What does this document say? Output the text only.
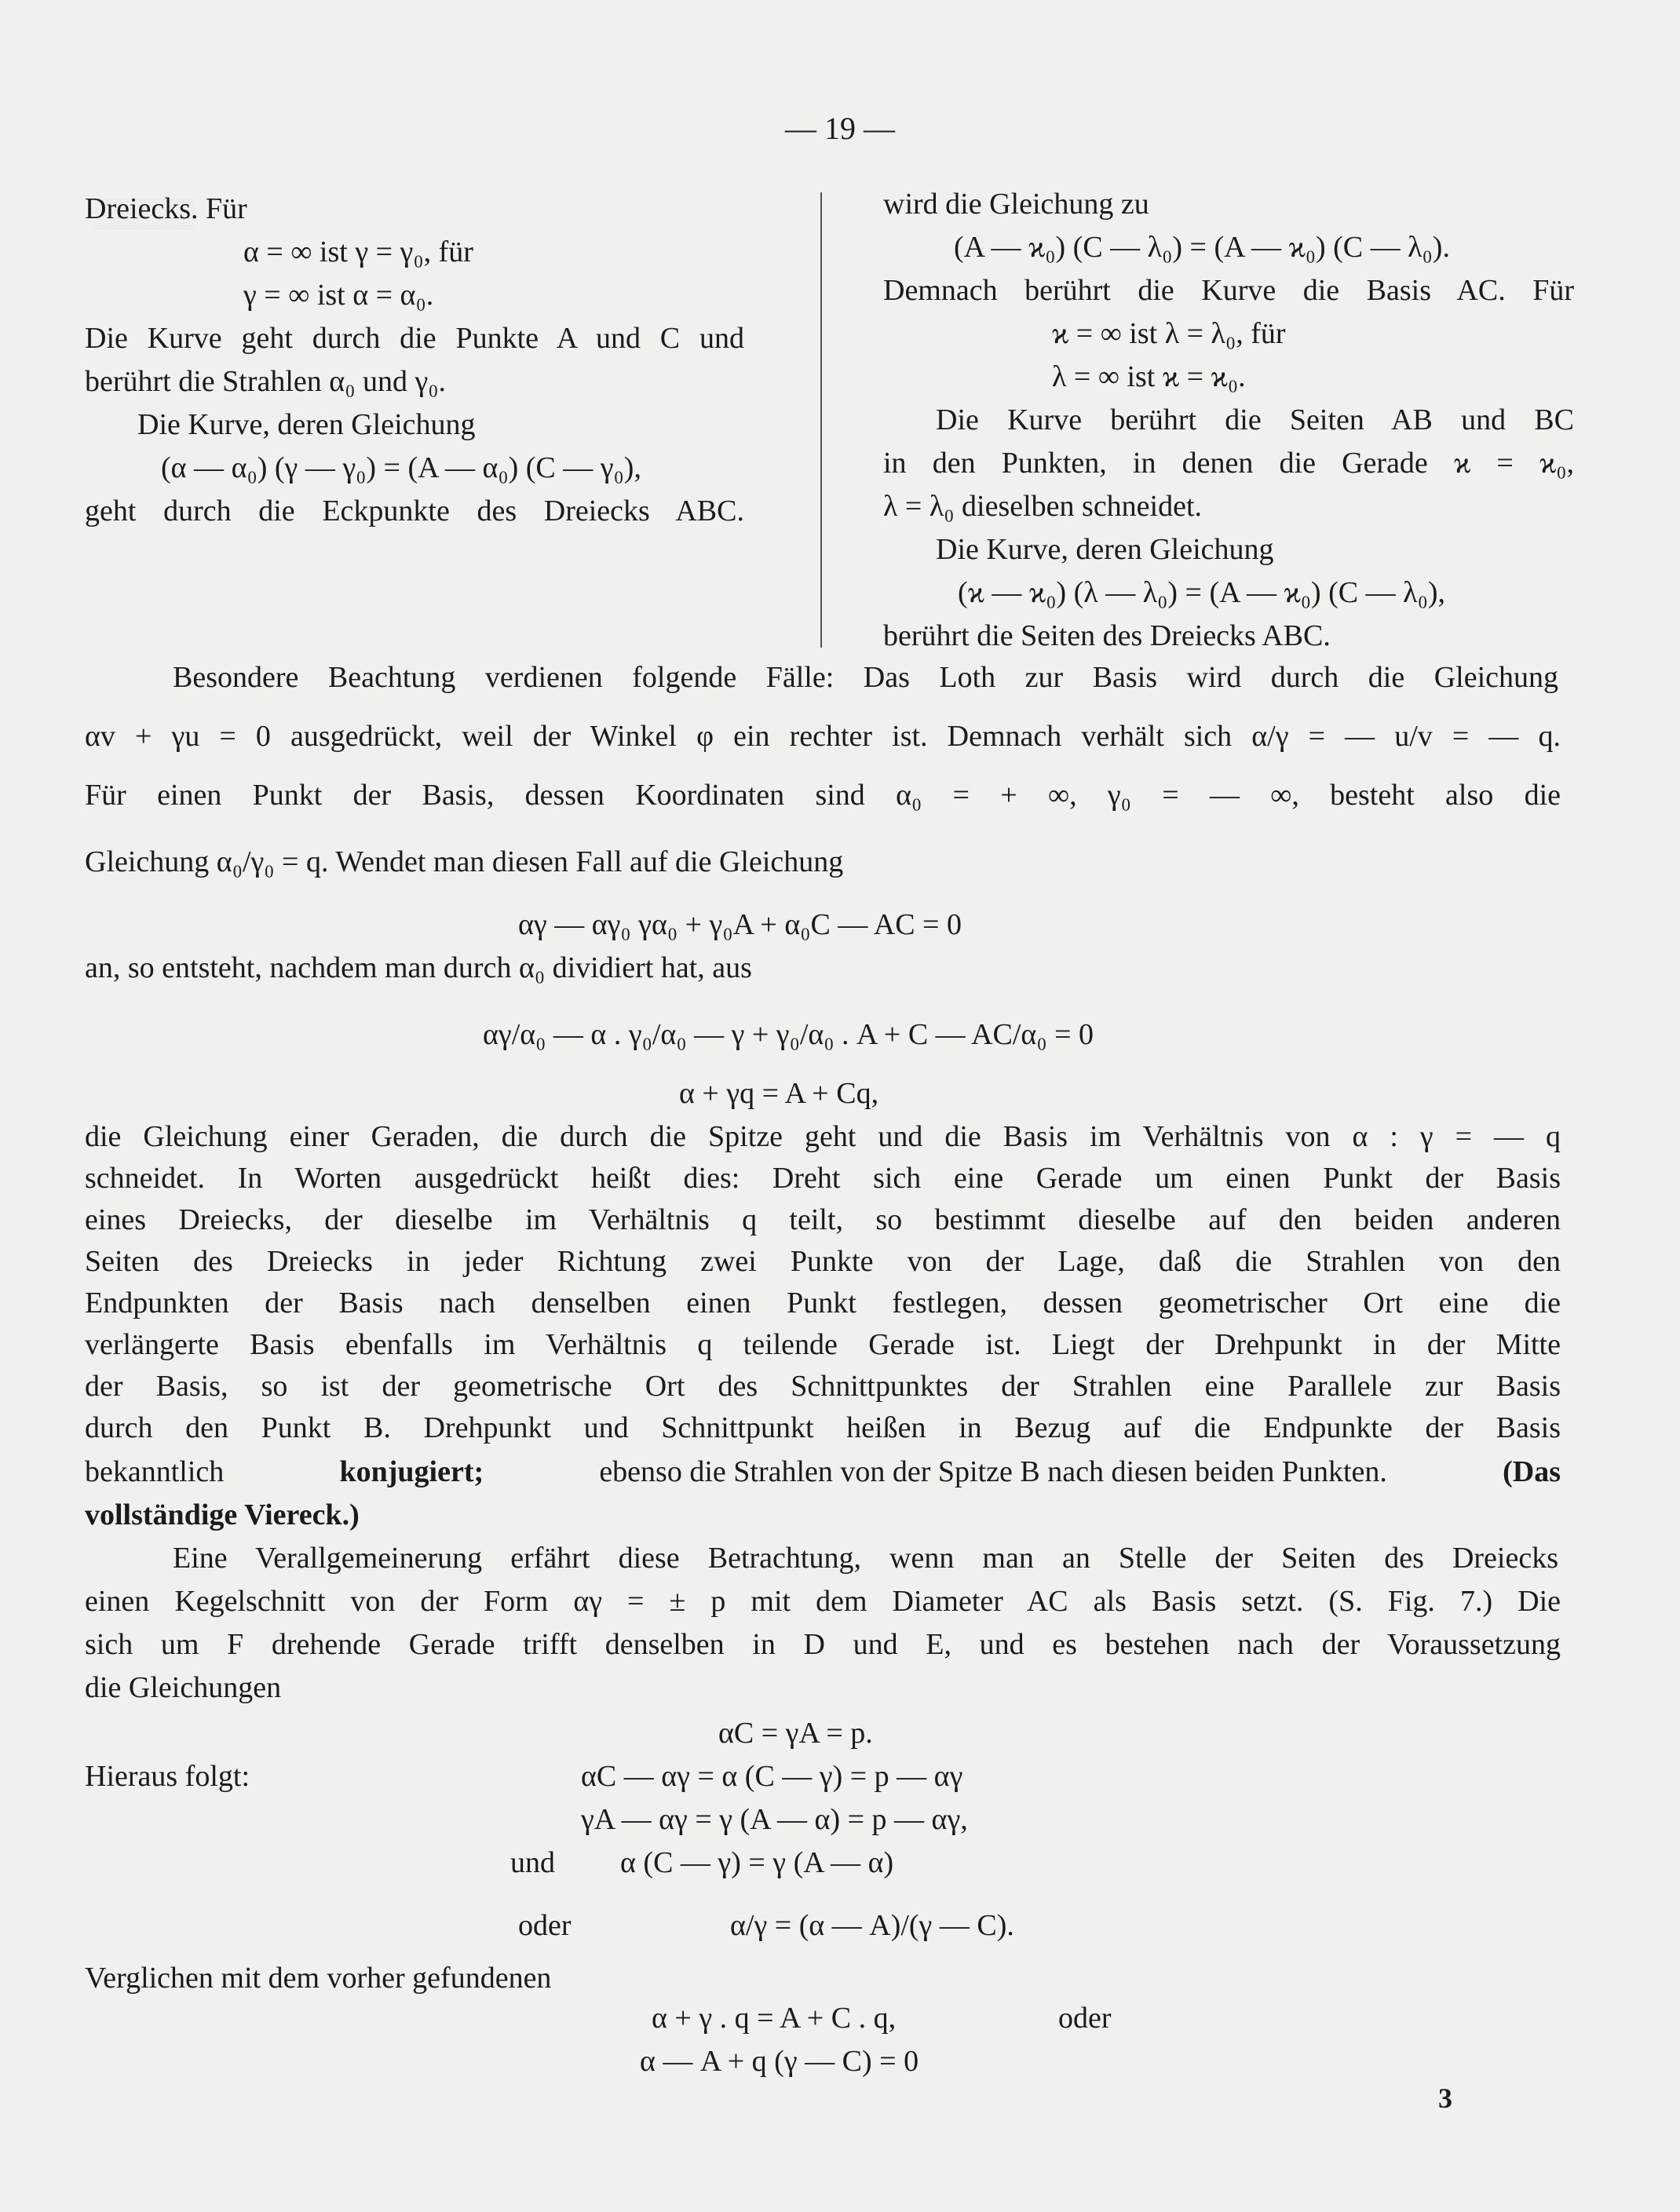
— 19 —
Dreiecks. Für
α = ∞ ist γ = γ₀, für
γ = ∞ ist α = α₀.
Die Kurve geht durch die Punkte A und C und
berührt die Strahlen α₀ und γ₀.
Die Kurve, deren Gleichung
(α — α₀) (γ — γ₀) = (A — α₀) (C — γ₀),
geht durch die Eckpunkte des Dreiecks ABC.
wird die Gleichung zu
(A — ϰ₀) (C — λ₀) = (A — ϰ₀) (C — λ₀).
Demnach berührt die Kurve die Basis AC. Für
ϰ = ∞ ist λ = λ₀, für
λ = ∞ ist ϰ = ϰ₀.
Die Kurve berührt die Seiten AB und BC
in den Punkten, in denen die Gerade ϰ = ϰ₀,
λ = λ₀ dieselben schneidet.
Die Kurve, deren Gleichung
(ϰ — ϰ₀) (λ — λ₀) = (A — ϰ₀) (C — λ₀),
berührt die Seiten des Dreiecks ABC.
Besondere Beachtung verdienen folgende Fälle: Das Loth zur Basis wird durch die Gleichung
αv + γu = 0 ausgedrückt, weil der Winkel φ ein rechter ist. Demnach verhält sich α/γ = — u/v = — q.
Für einen Punkt der Basis, dessen Koordinaten sind α₀ = + ∞, γ₀ = — ∞, besteht also die
Gleichung α₀/γ₀ = q. Wendet man diesen Fall auf die Gleichung
αγ — αγ₀ γα₀ + γ₀A + α₀C — AC = 0
an, so entsteht, nachdem man durch α₀ dividiert hat, aus
αγ/α₀ — α . γ₀/α₀ — γ + γ₀/α₀ . A + C — AC/α₀ = 0
α + γq = A + Cq,
die Gleichung einer Geraden, die durch die Spitze geht und die Basis im Verhältnis von α : γ = — q
schneidet. In Worten ausgedrückt heißt dies: Dreht sich eine Gerade um einen Punkt der Basis
eines Dreiecks, der dieselbe im Verhältnis q teilt, so bestimmt dieselbe auf den beiden anderen
Seiten des Dreiecks in jeder Richtung zwei Punkte von der Lage, daß die Strahlen von den
Endpunkten der Basis nach denselben einen Punkt festlegen, dessen geometrischer Ort eine die
verlängerte Basis ebenfalls im Verhältnis q teilende Gerade ist. Liegt der Drehpunkt in der Mitte
der Basis, so ist der geometrische Ort des Schnittpunktes der Strahlen eine Parallele zur Basis
durch den Punkt B. Drehpunkt und Schnittpunkt heißen in Bezug auf die Endpunkte der Basis
bekanntlich	konjugiert;	ebenso die Strahlen von der Spitze B nach diesen beiden Punkten.	(Das
vollständige Viereck.)
Eine Verallgemeinerung erfährt diese Betrachtung, wenn man an Stelle der Seiten des Dreiecks
einen Kegelschnitt von der Form αγ = ± p mit dem Diameter AC als Basis setzt. (S. Fig. 7.) Die
sich um F drehende Gerade trifft denselben in D und E, und es bestehen nach der Voraussetzung
die Gleichungen
αC = γA = p.
Hieraus folgt:	αC — αγ = α (C — γ) = p — αγ
γA — αγ = γ (A — α) = p — αγ,
und α (C — γ) = γ (A — α)
oder	α/γ = (α — A)/(γ — C).
Verglichen mit dem vorher gefundenen
α + γ . q = A + C . q,	oder
α — A + q (γ — C) = 0
3
